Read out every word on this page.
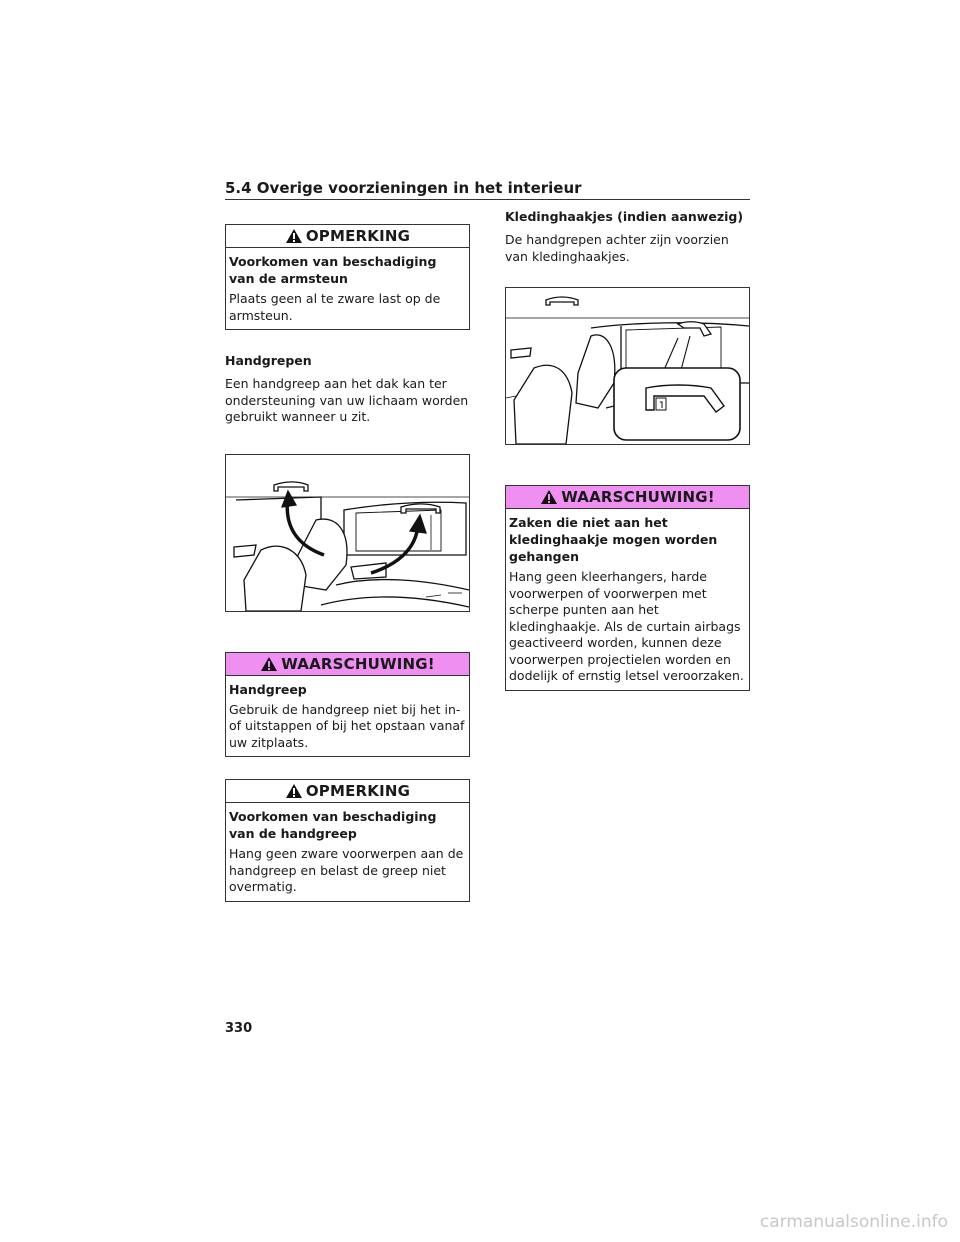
5.4 Overige voorzieningen in het interieur
OPMERKING
Voorkomen van beschadiging van de armsteun
Plaats geen al te zware last op de armsteun.
Handgrepen
Een handgreep aan het dak kan ter ondersteuning van uw lichaam worden gebruikt wanneer u zit.
WAARSCHUWING!
Handgreep
Gebruik de handgreep niet bij het in- of uitstappen of bij het opstaan vanaf uw zitplaats.
OPMERKING
Voorkomen van beschadiging van de handgreep
Hang geen zware voorwerpen aan de handgreep en belast de greep niet overmatig.
Kledinghaakjes (indien aanwezig)
De handgrepen achter zijn voorzien van kledinghaakjes.
WAARSCHUWING!
Zaken die niet aan het kledinghaakje mogen worden gehangen
Hang geen kleerhangers, harde voorwerpen of voorwerpen met scherpe punten aan het kledinghaakje. Als de curtain airbags geactiveerd worden, kunnen deze voorwerpen projectielen worden en dodelijk of ernstig letsel veroorzaken.
330
carmanualsonline.info
